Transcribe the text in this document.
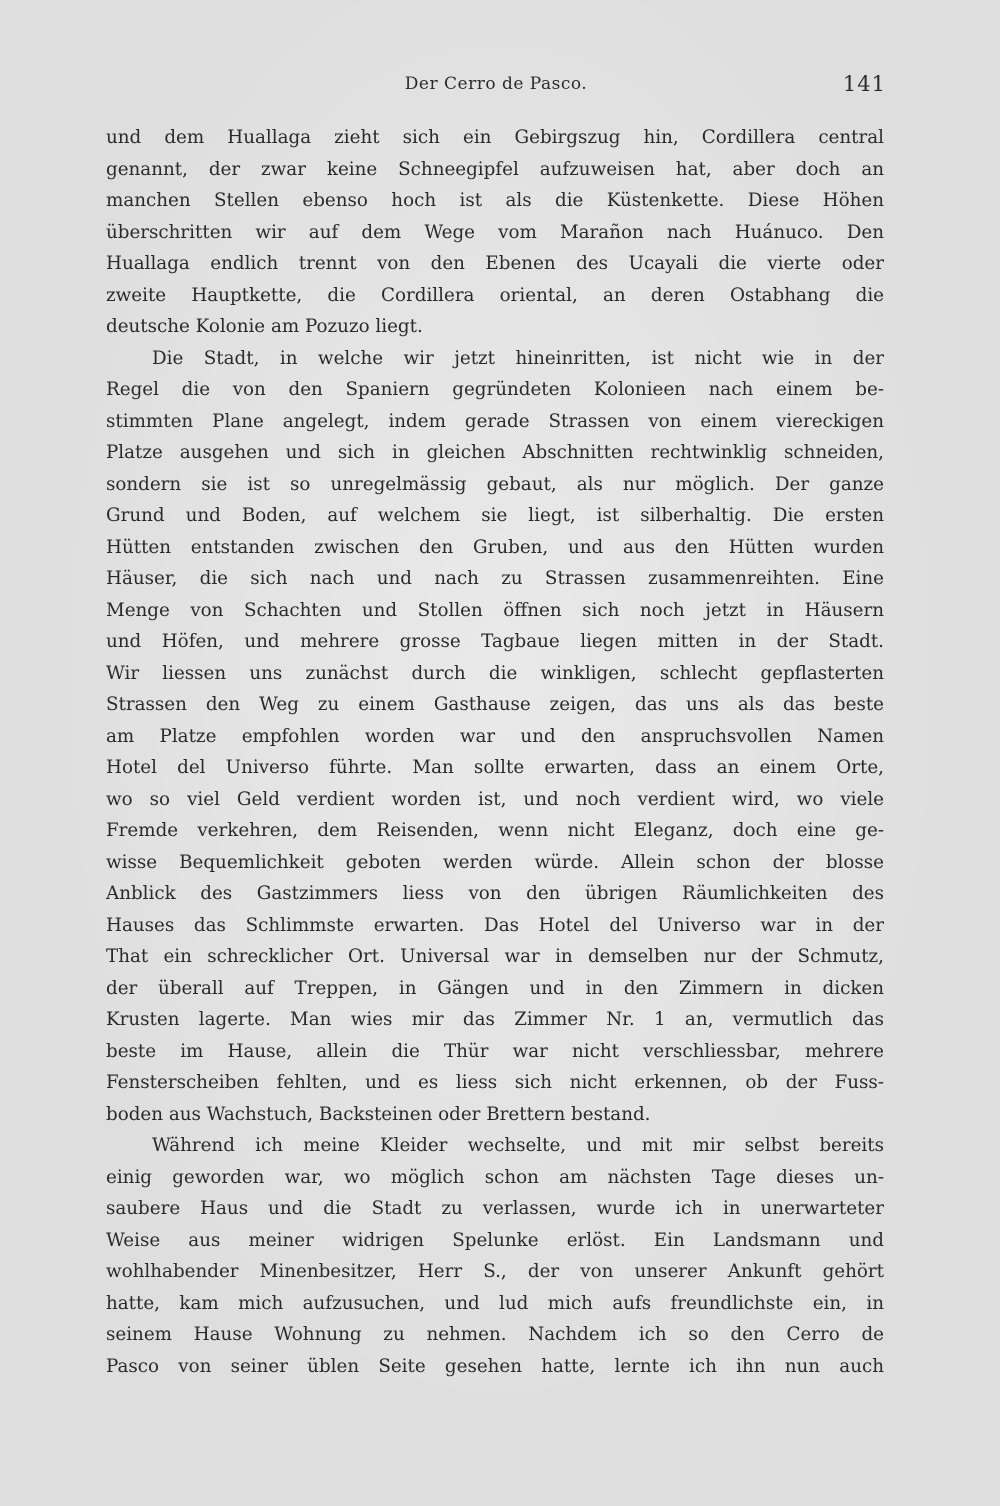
Der Cerro de Pasco.	141
und dem Huallaga zieht sich ein Gebirgszug hin, Cordillera central
genannt, der zwar keine Schneegipfel aufzuweisen hat, aber doch an
manchen Stellen ebenso hoch ist als die Küstenkette. Diese Höhen
überschritten wir auf dem Wege vom Marañon nach Huánuco. Den
Huallaga endlich trennt von den Ebenen des Ucayali die vierte oder
zweite Hauptkette, die Cordillera oriental, an deren Ostabhang die
deutsche Kolonie am Pozuzo liegt.
Die Stadt, in welche wir jetzt hineinritten, ist nicht wie in der
Regel die von den Spaniern gegründeten Kolonieen nach einem be-
stimmten Plane angelegt, indem gerade Strassen von einem viereckigen
Platze ausgehen und sich in gleichen Abschnitten rechtwinklig schneiden,
sondern sie ist so unregelmässig gebaut, als nur möglich. Der ganze
Grund und Boden, auf welchem sie liegt, ist silberhaltig. Die ersten
Hütten entstanden zwischen den Gruben, und aus den Hütten wurden
Häuser, die sich nach und nach zu Strassen zusammenreihten. Eine
Menge von Schachten und Stollen öffnen sich noch jetzt in Häusern
und Höfen, und mehrere grosse Tagbaue liegen mitten in der Stadt.
Wir liessen uns zunächst durch die winkligen, schlecht gepflasterten
Strassen den Weg zu einem Gasthause zeigen, das uns als das beste
am Platze empfohlen worden war und den anspruchsvollen Namen
Hotel del Universo führte. Man sollte erwarten, dass an einem Orte,
wo so viel Geld verdient worden ist, und noch verdient wird, wo viele
Fremde verkehren, dem Reisenden, wenn nicht Eleganz, doch eine ge-
wisse Bequemlichkeit geboten werden würde. Allein schon der blosse
Anblick des Gastzimmers liess von den übrigen Räumlichkeiten des
Hauses das Schlimmste erwarten. Das Hotel del Universo war in der
That ein schrecklicher Ort. Universal war in demselben nur der Schmutz,
der überall auf Treppen, in Gängen und in den Zimmern in dicken
Krusten lagerte. Man wies mir das Zimmer Nr. 1 an, vermutlich das
beste im Hause, allein die Thür war nicht verschliessbar, mehrere
Fensterscheiben fehlten, und es liess sich nicht erkennen, ob der Fuss-
boden aus Wachstuch, Backsteinen oder Brettern bestand.
Während ich meine Kleider wechselte, und mit mir selbst bereits
einig geworden war, wo möglich schon am nächsten Tage dieses un-
saubere Haus und die Stadt zu verlassen, wurde ich in unerwarteter
Weise aus meiner widrigen Spelunke erlöst. Ein Landsmann und
wohlhabender Minenbesitzer, Herr S., der von unserer Ankunft gehört
hatte, kam mich aufzusuchen, und lud mich aufs freundlichste ein, in
seinem Hause Wohnung zu nehmen. Nachdem ich so den Cerro de
Pasco von seiner üblen Seite gesehen hatte, lernte ich ihn nun auch
